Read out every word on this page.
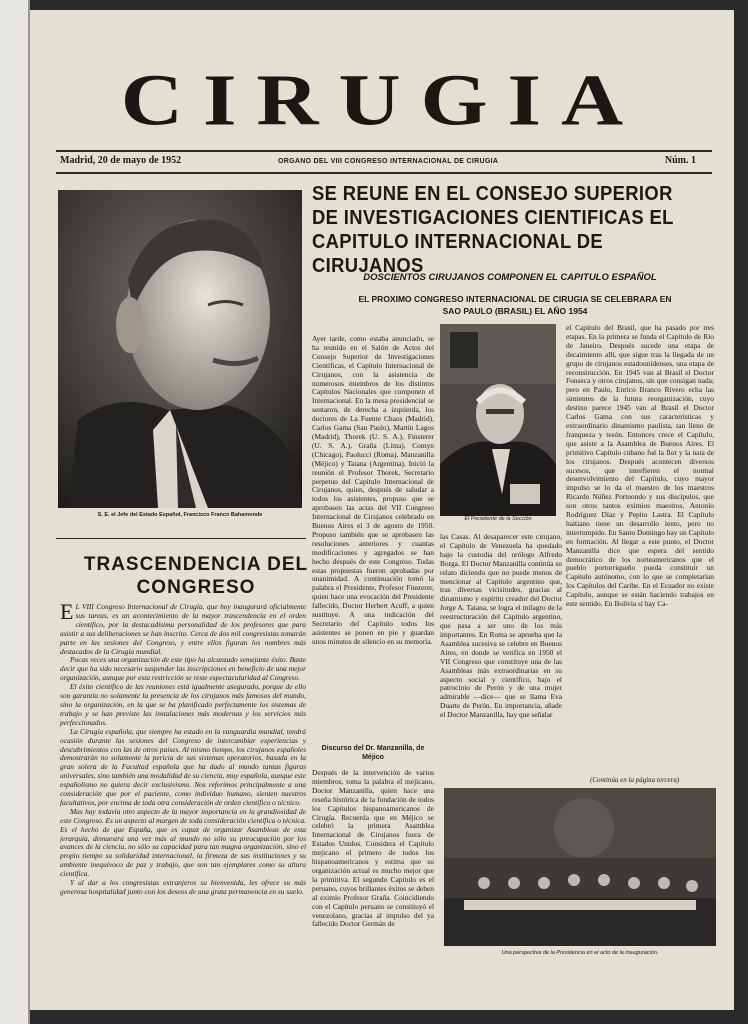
CIRUGIA
Madrid, 20 de mayo de 1952	ORGANO DEL VIII CONGRESO INTERNACIONAL DE CIRUGIA	Núm. 1
S. E. el Jefe del Estado Español, Francisco Franco Bahamonde
SE REUNE EN EL CONSEJO SUPERIOR DE INVESTIGACIONES CIENTIFICAS EL CAPITULO INTERNACIONAL DE CIRUJANOS
DOSCIENTOS CIRUJANOS COMPONEN EL CAPITULO ESPAÑOL
EL PROXIMO CONGRESO INTERNACIONAL DE CIRUGIA SE CELEBRARA EN SAO PAULO (BRASIL) EL AÑO 1954
Ayer tarde, como estaba anunciado, se ha reunido en el Salón de Actos del Consejo Superior de Investigaciones Científicas, el Capítulo Internacional de Cirujanos, con la asistencia de numerosos miembros de los distintos Capítulos Nacionales que componen el Internacional. En la mesa presidencial se sentaron, de derecha a izquierda, los doctores de La Fuente Chaos (Madrid), Carlos Gama (San Paulo), Martín Lagos (Madrid), Thorek (U. S. A.), Finsterer (U. S. A.), Graña (Lima), Comyn (Chicago), Paolucci (Roma), Manzanilla (Méjico) y Taiana (Argentina). Inició la reunión el Profesor Thorek, Secretario perpetuo del Capítulo Internacional de Cirujanos, quien, después de saludar a todos los asistentes, propuso que se aprobasen las actas del VII Congreso Internacional de Cirujanos celebrado en Buenos Aires el 3 de agosto de 1950. Propuso también que se aprobasen las resoluciones anteriores y cuantas modificaciones y agregados se han hecho después de este Congreso. Todas estas propuestas fueron aprobadas por unanimidad. A continuación tomó la palabra el Presidente, Profesor Finsterer, quien hace una evocación del Presidente fallecido, Doctor Herbert Acuff, a quien sustituye. A una indicación del Secretario del Capítulo todos los asistentes se ponen en pie y guardan unos minutos de silencio en su memoria.
Discurso del Dr. Manzanilla, de Méjico
Después de la intervención de varios miembros, toma la palabra el mejicano, Doctor Manzanilla, quien hace una reseña histórica de la fundación de todos los Capítulos hispanoamericanos de Cirugía. Recuerda que en Méjico se celebró la primera Asamblea Internacional de Cirujanos fuera de Estados Unidos. Considera el Capítulo mejicano el primero de todos los hispanoamericanos y estima que su organización actual es mucho mejor que la primitiva. El segundo Capítulo es el peruano, cuyos brillantes éxitos se deben al eximio Profesor Graña. Coincidiendo con el Capítulo peruano se constituyó el venezolano, gracias al impulso del ya fallecido Doctor Germán de
El Presidente de la Sección
las Casas. Al desaparecer este cirujano, el Capítulo de Venezuela ha quedado bajo la custodia del urólogo Alfredo Borga. El Doctor Manzanilla continúa su relato diciendo que no puede menos de mencionar al Capítulo argentino que, tras diversas vicisitudes, gracias al dinamismo y espíritu creador del Doctor Jorge A. Taiana, se logra el milagro de la reestructuración del Capítulo argentino, que pasa a ser uno de los más importantes. En Roma se aprueba que la Asamblea sucesiva se celebre en Buenos Aires, en donde se verifica en 1950 el VII Congreso que constituye una de las Asambleas más extraordinarias en su aspecto social y científico, bajo el patrocinio de Perón y de una mujer admirable —dice— que se llama Eva Duarte de Perón. En importancia, añade el Doctor Manzanilla, hay que señalar
el Capítulo del Brasil, que ha pasado por tres etapas. En la primera se funda el Capítulo de Río de Janeiro. Después sucede una etapa de decaimiento allí, que sigue tras la llegada de un grupo de cirujanos estadounidenses, una etapa de reconstrucción. En 1945 van al Brasil el Doctor Fonseca y otros cirujanos, sin que consigan nada; pero en Paulo, Enrico Branco Rivero echa las simientes de la futura reorganización, cuyo destino parece 1945 van al Brasil el Doctor Carlos Gama con sus características y extraordinario dinamismo paulista, tan lleno de franqueza y tesón. Entonces crece el Capítulo, que asiste a la Asamblea de Buenos Aires. El primitivo Capítulo cubano fué la flor y la nata de los cirujanos. Después acontecen diversos sucesos, que interfieren el normal desenvolvimiento del Capítulo, cuyo mayor impulso se lo da el maestro de los maestros Ricardo Núñez Portuondo y sus discípulos, que son otros tantos eximios maestros, Antonio Rodríguez Díaz y Pepito Lastra. El Capítulo haitiano tiene un desarrollo lento, pero no interrumpido. En Santo Domingo hay un Capítulo en formación. Al llegar a este punto, el Doctor Manzanilla dice que espera del sentido democrático de los norteamericanos que el pueblo portorriqueño pueda constituir un Capítulo autónomo, con lo que se completarían los Capítulos del Caribe. En el Ecuador no existe Capítulo, aunque se están haciendo trabajos en este sentido. En Bolivia sí hay Ca-
(Continúa en la página tercera)
Una perspectiva de la Presidencia en el acto de la inauguración.
TRASCENDENCIA DEL CONGRESO
E L VIII Congreso Internacional de Cirugía, que hoy inaugurará oficialmente sus tareas, es un acontecimiento de la mayor trascendencia en el orden científico, por la destacadísima personalidad de los profesores que para asistir a sus deliberaciones se han inscrito. Cerca de dos mil congresistas tomarán parte en las sesiones del Congreso, y entre ellos figuran los nombres más destacados de la Cirugía mundial.

Pocas veces una organización de este tipo ha alcanzado semejante éxito. Baste decir que ha sido necesario suspender las inscripciones en beneficio de una mejor organización, aunque por esta restricción se reste espectacularidad al Congreso.

El éxito científico de las reuniones está igualmente asegurado, porque de ello son garantía no solamente la presencia de los cirujanos más famosos del mundo, sino la organización, en la que se ha planificado perfectamente los sistemas de trabajo y se han previsto las instalaciones más modernas y los servicios más perfeccionados.

La Cirugía española, que siempre ha estado en la vanguardia mundial, tendrá ocasión durante las sesiones del Congreso de intercambiar experiencias y descubrimientos con las de otros países. Al mismo tiempo, los cirujanos españoles demostrarán no solamente la pericia de sus sistemas operatorios, basada en la gran solera de la Facultad española que ha dado al mundo tantas figuras universales, sino también una modalidad de su ciencia, muy española, aunque este españolismo no quiera decir exclusivismo. Nos referimos principalmente a una consideración que por el paciente, como individuo humano, sienten nuestros facultativos, por encima de toda otra consideración de orden científico o técnico.

Mas hay todavía otro aspecto de la mayor importancia en la grandiosidad de este Congreso. Es un aspecto al margen de toda consideración científica o técnica. Es el hecho de que España, que es capaz de organizar Asambleas de esta jerarquía, demuestra una vez más al mundo no sólo su preocupación por los avances de la ciencia, no sólo su capacidad para tan magna organización, sino el propio tiempo su solidaridad internacional, la firmeza de sus instituciones y su ambiente inequívoco de paz y trabajo, que son tan ejemplares como su altura científica.

Y al dar a los congresistas extranjeros su bienvenida, les ofrece su más generosa hospitalidad junto con los deseos de una grata permanencia en su suelo.
